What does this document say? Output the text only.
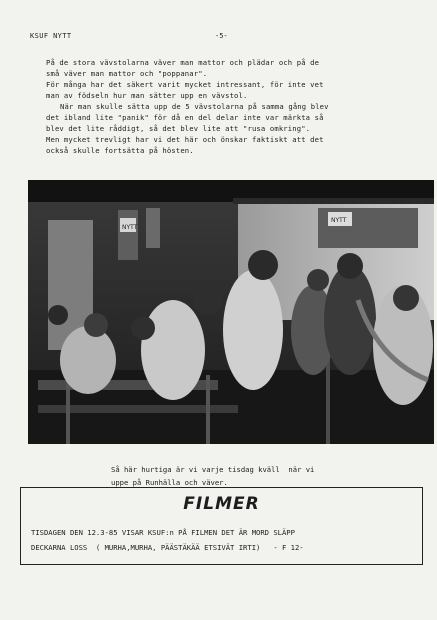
KSUF NYTT	-5-

På de stora vävstolarna väver man mattor och plädar och på de

små väver man mattor och "poppanar".

För många har det säkert varit mycket intressant, för inte vet

man av födseln hur man sätter upp en vävstol.

När man skulle sätta upp de 5 vävstolarna på samma gång blev

det ibland lite "panik" för då en del delar inte var märkta så

blev det lite råddigt, så det blev lite att "rusa omkring".

Men mycket trevligt har vi det här och önskar faktiskt att det

också skulle fortsätta på hösten.

NYTT
NYTT

Så här hurtiga är vi varje tisdag kväll  när vi

uppe på Runhälla och väver.

FILMER
TISDAGEN DEN 12.3-85 VISAR KSUF:n PÅ FILMEN DET ÄR MORD SLÄPP
DECKARNA LOSS  ( MURHA,MURHA, PÄÄSTÄKÄÄ ETSIVÄT IRTI) - F 12-
